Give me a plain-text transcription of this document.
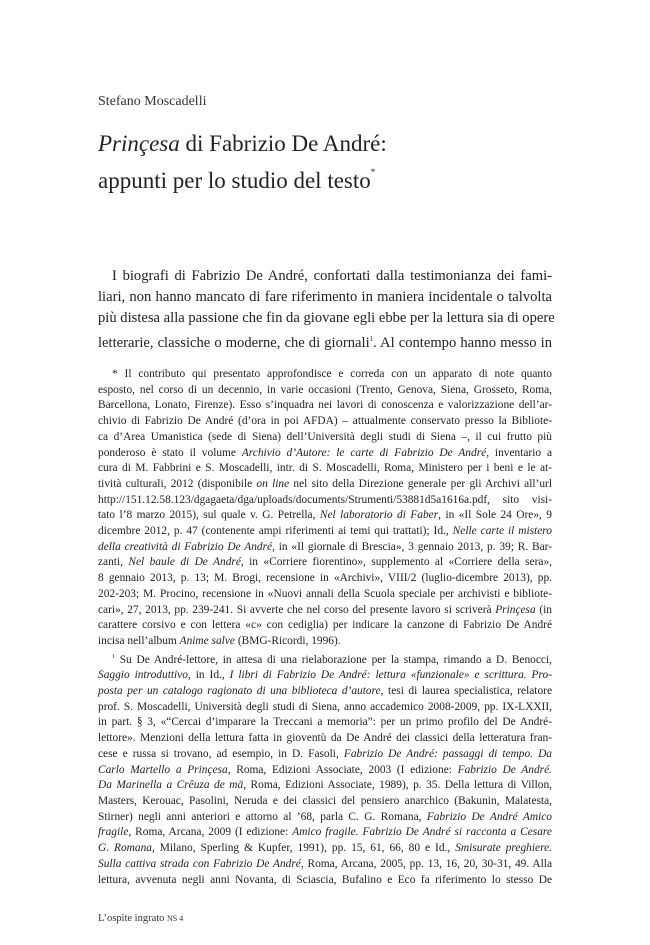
Stefano Moscadelli
Prinçesa di Fabrizio De André:
appunti per lo studio del testo*
I biografi di Fabrizio De André, confortati dalla testimonianza dei fami-
liari, non hanno mancato di fare riferimento in maniera incidentale o talvolta
più distesa alla passione che fin da giovane egli ebbe per la lettura sia di opere
letterarie, classiche o moderne, che di giornali$^1$. Al contempo hanno messo in
* Il contributo qui presentato approfondisce e correda con un apparato di note quanto
esposto, nel corso di un decennio, in varie occasioni (Trento, Genova, Siena, Grosseto, Roma,
Barcellona, Lonato, Firenze). Esso s’inquadra nei lavori di conoscenza e valorizzazione dell’ar-
chivio di Fabrizio De André (d’ora in poi AFDA) – attualmente conservato presso la Bibliote-
ca d’Area Umanistica (sede di Siena) dell’Università degli studi di Siena –, il cui frutto più
ponderoso è stato il volume Archivio d’Autore: le carte di Fabrizio De André, inventario a
cura di M. Fabbrini e S. Moscadelli, intr. di S. Moscadelli, Roma, Ministero per i beni e le at-
tività culturali, 2012 (disponibile on line nel sito della Direzione generale per gli Archivi all’url
http://151.12.58.123/dgagaeta/dga/uploads/documents/Strumenti/53881d5a1616a.pdf, sito visi-
tato l’8 marzo 2015), sul quale v. G. Petrella, Nel laboratorio di Faber, in «Il Sole 24 Ore», 9
dicembre 2012, p. 47 (contenente ampi riferimenti ai temi qui trattati); Id., Nelle carte il mistero
della creatività di Fabrizio De André, in «Il giornale di Brescia», 3 gennaio 2013, p. 39; R. Bar-
zanti, Nel baule di De André, in «Corriere fiorentino», supplemento al «Corriere della sera»,
8 gennaio 2013, p. 13; M. Brogi, recensione in «Archivi», VIII/2 (luglio-dicembre 2013), pp.
202-203; M. Procino, recensione in «Nuovi annali della Scuola speciale per archivisti e bibliote-
cari», 27, 2013, pp. 239-241. Si avverte che nel corso del presente lavoro si scriverà Prinçesa (in
carattere corsivo e con lettera «c» con cediglia) per indicare la canzone di Fabrizio De André
incisa nell’album Anime salve (BMG-Ricordi, 1996).
$^1$ Su De André-lettore, in attesa di una rielaborazione per la stampa, rimando a D. Benocci,
Saggio introduttivo, in Id., I libri di Fabrizio De André: lettura «funzionale» e scrittura. Pro-
posta per un catalogo ragionato di una biblioteca d’autore, tesi di laurea specialistica, relatore
prof. S. Moscadelli, Università degli studi di Siena, anno accademico 2008-2009, pp. IX-LXXII,
in part. § 3, «“Cercai d’imparare la Treccani a memoria”: per un primo profilo del De André-
lettore». Menzioni della lettura fatta in gioventù da De André dei classici della letteratura fran-
cese e russa si trovano, ad esempio, in D. Fasoli, Fabrizio De André: passaggi di tempo. Da
Carlo Martello a Prinçesa, Roma, Edizioni Associate, 2003 (I edizione: Fabrizio De André.
Da Marinella a Crêuza de mä, Roma, Edizioni Associate, 1989), p. 35. Della lettura di Villon,
Masters, Kerouac, Pasolini, Neruda e dei classici del pensiero anarchico (Bakunin, Malatesta,
Stirner) negli anni anteriori e attorno al ’68, parla C. G. Romana, Fabrizio De André Amico
fragile, Roma, Arcana, 2009 (I edizione: Amico fragile. Fabrizio De André si racconta a Cesare
G. Romana, Milano, Sperling & Kupfer, 1991), pp. 15, 61, 66, 80 e Id., Smisurate preghiere.
Sulla cattiva strada con Fabrizio De André, Roma, Arcana, 2005, pp. 13, 16, 20, 30-31, 49. Alla
lettura, avvenuta negli anni Novanta, di Sciascia, Bufalino e Eco fa riferimento lo stesso De
L’ospite ingrato NS 4
